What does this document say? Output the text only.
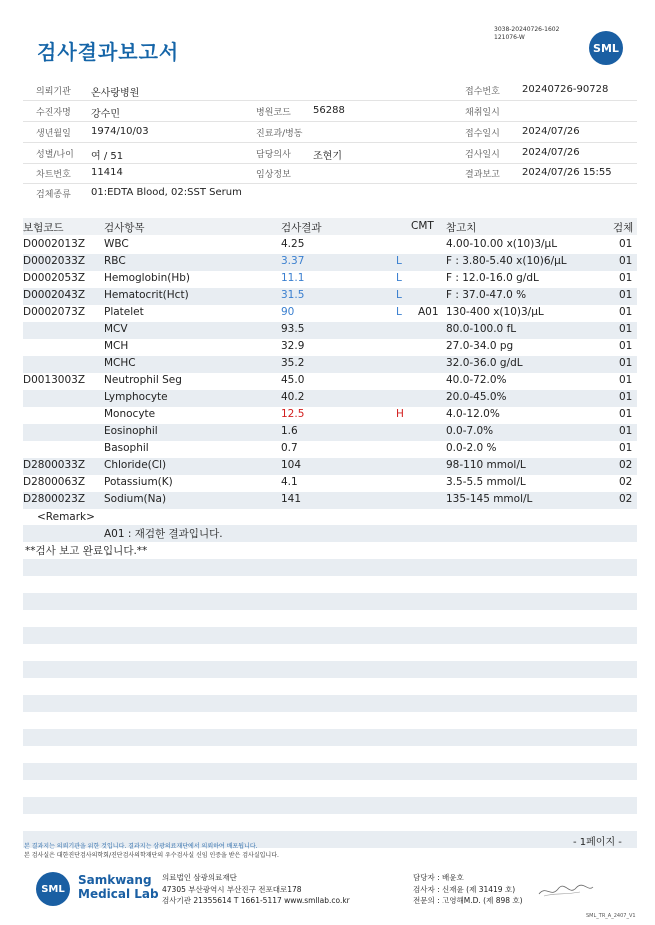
검사결과보고서
3038-20240726-1602
121076-W
SML
의뢰기관 온사랑병원	접수번호 20240726-90728
수진자명 강수민	병원코드 56288	채취일시
생년월일 1974/10/03	진료과/병동	접수일시 2024/07/26
성별/나이 여 / 51	담당의사 조현기	검사일시 2024/07/26
차트번호 11414	임상정보	결과보고 2024/07/26 15:55
검체종류 01:EDTA Blood, 02:SST Serum
보험코드	검사항목	검사결과	CMT 참고치	검체
D0002013Z WBC	4.25	4.00-10.00 x(10)3/μL	01
D0002033Z RBC	3.37	L	F : 3.80-5.40 x(10)6/μL	01
D0002053Z Hemoglobin(Hb)	11.1	L	F : 12.0-16.0 g/dL	01
D0002043Z Hematocrit(Hct)	31.5	L	F : 37.0-47.0 %	01
D0002073Z Platelet	90	L A01 130-400 x(10)3/μL	01
MCV	93.5	80.0-100.0 fL	01
MCH	32.9	27.0-34.0 pg	01
MCHC	35.2	32.0-36.0 g/dL	01
D0013003Z Neutrophil Seg	45.0	40.0-72.0%	01
Lymphocyte	40.2	20.0-45.0%	01
Monocyte	12.5	H	4.0-12.0%	01
Eosinophil	1.6	0.0-7.0%	01
Basophil	0.7	0.0-2.0 %	01
D2800033Z Chloride(Cl)	104	98-110 mmol/L	02
D2800063Z Potassium(K)	4.1	3.5-5.5 mmol/L	02
D2800023Z Sodium(Na)	141	135-145 mmol/L	02
<Remark>
A01 : 재검한 결과입니다.
**검사 보고 완료입니다.**
- 1페이지 -
본 결과지는 의뢰기관을 위한 것입니다. 결과지는 삼광의료재단에서 의뢰하여 배포됩니다.
본 검사실은 대한진단검사의학회/진단검사의학재단의 우수검사실 신임 인증을 받은 검사실입니다.
SML
Samkwang
Medical Lab
의료법인 삼광의료재단
47305 부산광역시 부산진구 전포대로178
검사기관 21355614 T 1661-5117 www.smllab.co.kr
담당자 : 배윤호
검사자 : 신재윤 (제 31419 호)
전문의 : 고영해M.D. (제 898 호)
SML_TR_A_2407_V1
